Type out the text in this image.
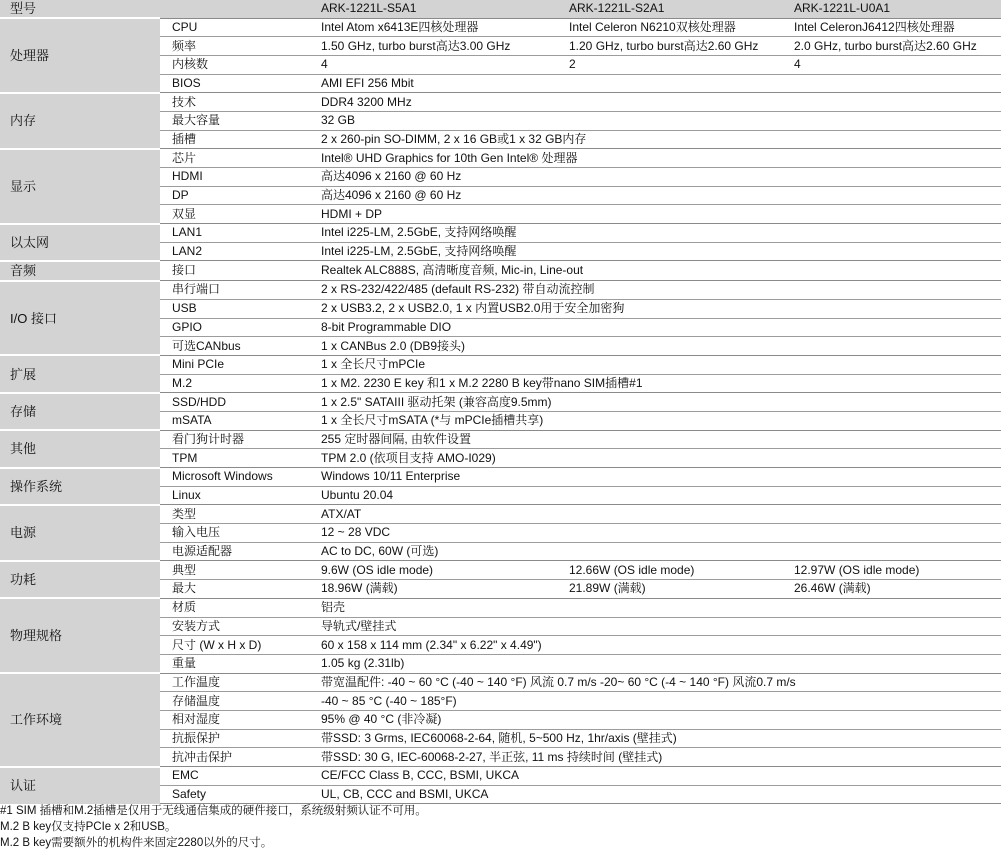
型号		ARK-1221L-S5A1	ARK-1221L-S2A1	ARK-1221L-U0A1
处理器	CPU	Intel Atom x6413E四核处理器	Intel Celeron N6210双核处理器	Intel CeleronJ6412四核处理器
	频率	1.50 GHz, turbo burst高达3.00 GHz	1.20 GHz, turbo burst高达2.60 GHz	2.0 GHz, turbo burst高达2.60 GHz
	内核数	4	2	4
	BIOS	AMI EFI 256 Mbit		
内存	技术	DDR4 3200 MHz		
	最大容量	32 GB		
	插槽	2 x 260-pin SO-DIMM, 2 x 16 GB或1 x 32 GB内存		
显示	芯片	Intel® UHD Graphics for 10th Gen Intel® 处理器		
	HDMI	高达4096 x 2160 @ 60 Hz		
	DP	高达4096 x 2160 @ 60 Hz		
	双显	HDMI + DP		
以太网	LAN1	Intel i225-LM, 2.5GbE, 支持网络唤醒		
	LAN2	Intel i225-LM, 2.5GbE, 支持网络唤醒		
音频	接口	Realtek ALC888S, 高清晰度音频, Mic-in, Line-out		
I/O 接口	串行端口	2 x RS-232/422/485 (default RS-232) 带自动流控制		
	USB	2 x USB3.2, 2 x USB2.0, 1 x 内置USB2.0用于安全加密狗		
	GPIO	8-bit Programmable DIO		
	可选CANbus	1 x CANBus 2.0 (DB9接头)		
扩展	Mini PCIe	1 x 全长尺寸mPCIe		
	M.2	1 x M2. 2230 E key 和1 x M.2 2280 B key带nano SIM插槽#1		
存储	SSD/HDD	1 x 2.5" SATAIII 驱动托架 (兼容高度9.5mm)		
	mSATA	1 x 全长尺寸mSATA (*与 mPCIe插槽共享)		
其他	看门狗计时器	255 定时器间隔, 由软件设置		
	TPM	TPM 2.0 (依项目支持 AMO-I029)		
操作系统	Microsoft Windows	Windows 10/11 Enterprise		
	Linux	Ubuntu 20.04		
电源	类型	ATX/AT		
	输入电压	12 ~ 28 VDC		
	电源适配器	AC to DC, 60W (可选)		
功耗	典型	9.6W (OS idle mode)	12.66W (OS idle mode)	12.97W (OS idle mode)
	最大	18.96W (满载)	21.89W (满载)	26.46W (满载)
物理规格	材质	铝壳		
	安装方式	导轨式/壁挂式		
	尺寸 (W x H x D)	60 x 158 x 114 mm (2.34" x 6.22" x 4.49")		
	重量	1.05 kg (2.31lb)		
工作环境	工作温度	带宽温配件: -40 ~ 60 °C (-40 ~ 140 °F) 风流 0.7 m/s -20~ 60 °C (-4 ~ 140 °F) 风流0.7 m/s		
	存储温度	-40 ~ 85 °C (-40 ~ 185°F)		
	相对湿度	95% @ 40 °C (非冷凝)		
	抗振保护	带SSD: 3 Grms, IEC60068-2-64, 随机, 5~500 Hz, 1hr/axis (壁挂式)		
	抗冲击保护	带SSD: 30 G, IEC-60068-2-27, 半正弦, 11 ms 持续时间 (壁挂式)		
认证	EMC	CE/FCC Class B, CCC, BSMI, UKCA		
	Safety	UL, CB, CCC and BSMI, UKCA		
#1 SIM 插槽和M.2插槽是仅用于无线通信集成的硬件接口，系统级射频认证不可用。
M.2 B key仅支持PCIe x 2和USB。
M.2 B key需要额外的机构件来固定2280以外的尺寸。
